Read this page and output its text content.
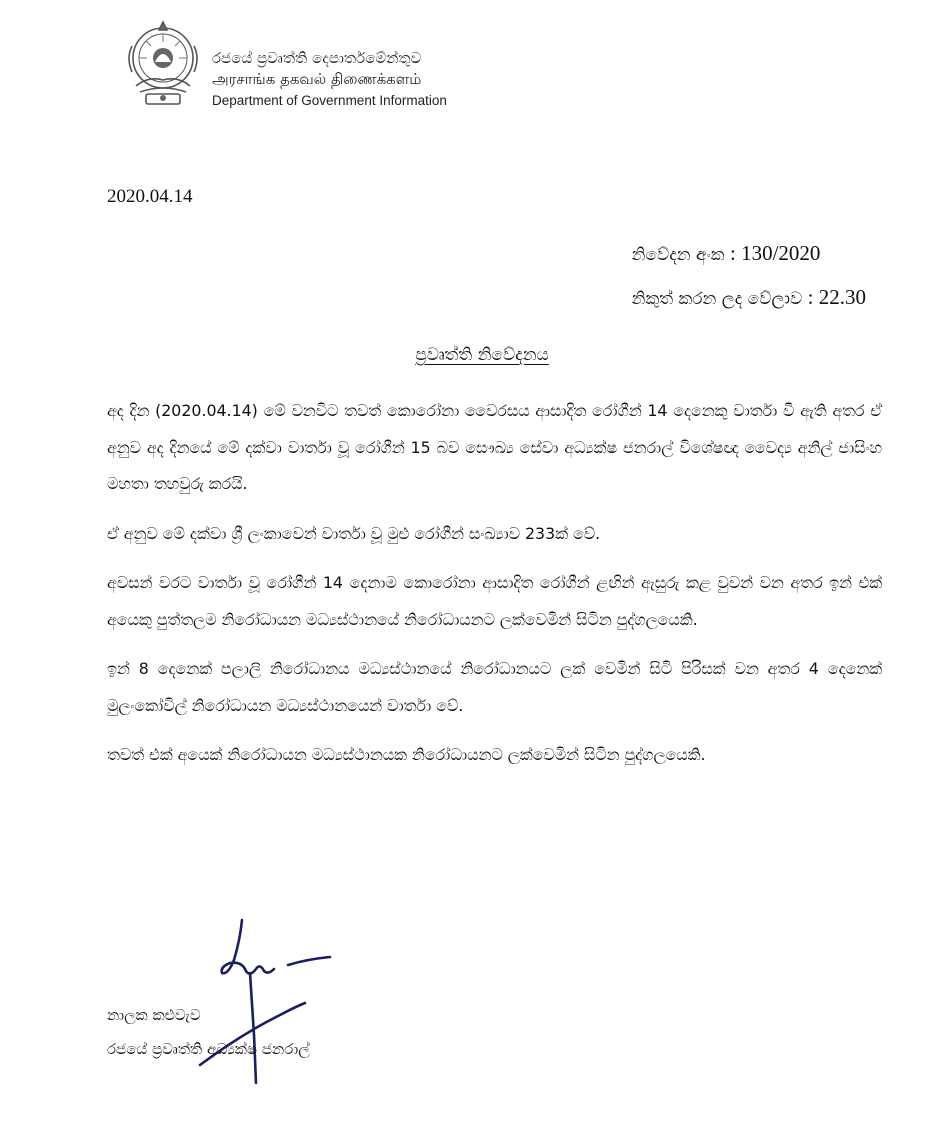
රජයේ ප්‍රවෘත්ති දෙපාර්තමේන්තුව
அரசாங்க தகவல் திணைக்களம்
Department of Government Information
2020.04.14
නිවේදන අංක : 130/2020
නිකුත් කරන ලද වේලාව : 22.30
ප්‍රවෘත්ති නිවේදනය

අද දින (2020.04.14) මේ වනවිට තවත් කොරෝනා වෛරසය ආසාදිත රෝගීන් 14 දෙනෙකු වාර්තා වී ඇති අතර ඒ අනුව අද දිනයේ මේ දක්වා වාර්තා වූ රෝගීන් 15 බව සෞඛ්‍ය සේවා අධ්‍යක්ෂ ජනරාල් විශේෂඥ වෛද්‍ය අනිල් ජාසිංහ මහතා තහවුරු කරයි.

ඒ අනුව මේ දක්වා ශ්‍රී ලංකාවෙන් වාර්තා වූ මුළු රෝගීන් සංඛ්‍යාව 233ක් වේ.

අවසන් වරට වාර්තා වූ රෝගීන් 14 දෙනාම කොරෝනා ආසාදිත රෝගීන් ළඟින් ඇසුරු කළ වුවන් වන අතර ඉන් එක් අයෙකු පුත්තලම නිරෝධායන මධ්‍යස්ථානයේ නිරෝධායනට ලක්වෙමින් සිටින පුද්ගලයෙකි.

ඉන් 8 දෙනෙක් පලාලි නිරෝධානය මධ්‍යස්ථානයේ නිරෝධානයට ලක් වෙමින් සිටි පිරිසක් වන අතර 4 දෙනෙක් මුලංකෝවිල් නිරෝධායන මධ්‍යස්ථානයෙන් වාර්තා වේ.

තවත් එක් අයෙක් නිරෝධායන මධ්‍යස්ථානයක නිරෝධායනට ලක්වෙමින් සිටින පුද්ගලයෙකි.

නාලක කළුවැව
රජයේ ප්‍රවෘත්ති අධ්‍යක්ෂ ජනරාල්
